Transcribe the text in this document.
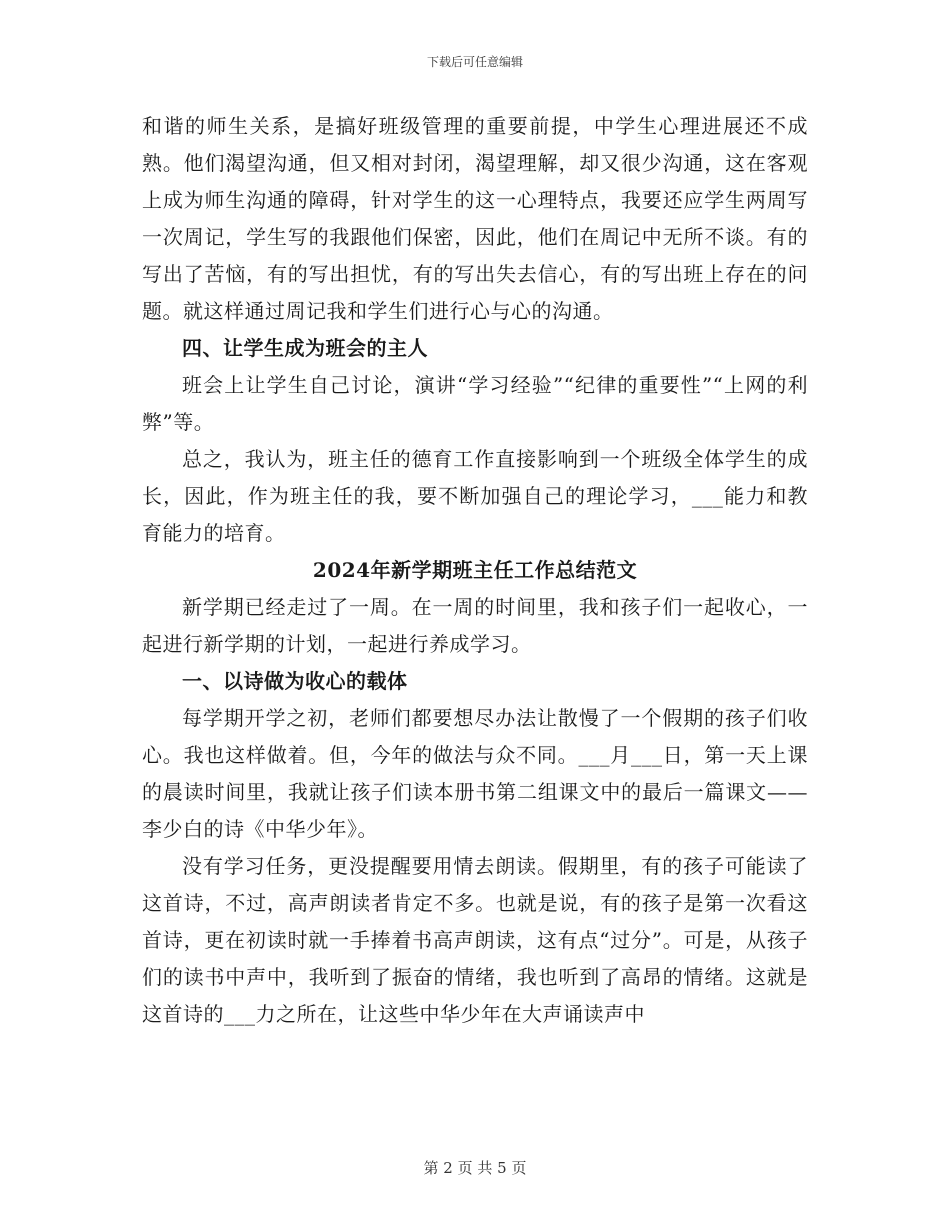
下载后可任意编辑

和谐的师生关系，是搞好班级管理的重要前提，中学生心理进展还不成熟。他们渴望沟通，但又相对封闭，渴望理解，却又很少沟通，这在客观上成为师生沟通的障碍，针对学生的这一心理特点，我要还应学生两周写一次周记，学生写的我跟他们保密，因此，他们在周记中无所不谈。有的写出了苦恼，有的写出担忧，有的写出失去信心，有的写出班上存在的问题。就这样通过周记我和学生们进行心与心的沟通。

四、让学生成为班会的主人

班会上让学生自己讨论，演讲“学习经验”“纪律的重要性”“上网的利弊”等。

总之，我认为，班主任的德育工作直接影响到一个班级全体学生的成长，因此，作为班主任的我，要不断加强自己的理论学习，___能力和教育能力的培育。

2024年新学期班主任工作总结范文

新学期已经走过了一周。在一周的时间里，我和孩子们一起收心，一起进行新学期的计划，一起进行养成学习。

一、以诗做为收心的载体

每学期开学之初，老师们都要想尽办法让散慢了一个假期的孩子们收心。我也这样做着。但，今年的做法与众不同。___月___日，第一天上课的晨读时间里，我就让孩子们读本册书第二组课文中的最后一篇课文——李少白的诗《中华少年》。

没有学习任务，更没提醒要用情去朗读。假期里，有的孩子可能读了这首诗，不过，高声朗读者肯定不多。也就是说，有的孩子是第一次看这首诗，更在初读时就一手捧着书高声朗读，这有点“过分”。可是，从孩子们的读书中声中，我听到了振奋的情绪，我也听到了高昂的情绪。这就是这首诗的___力之所在，让这些中华少年在大声诵读声中

第 2 页 共 5 页
